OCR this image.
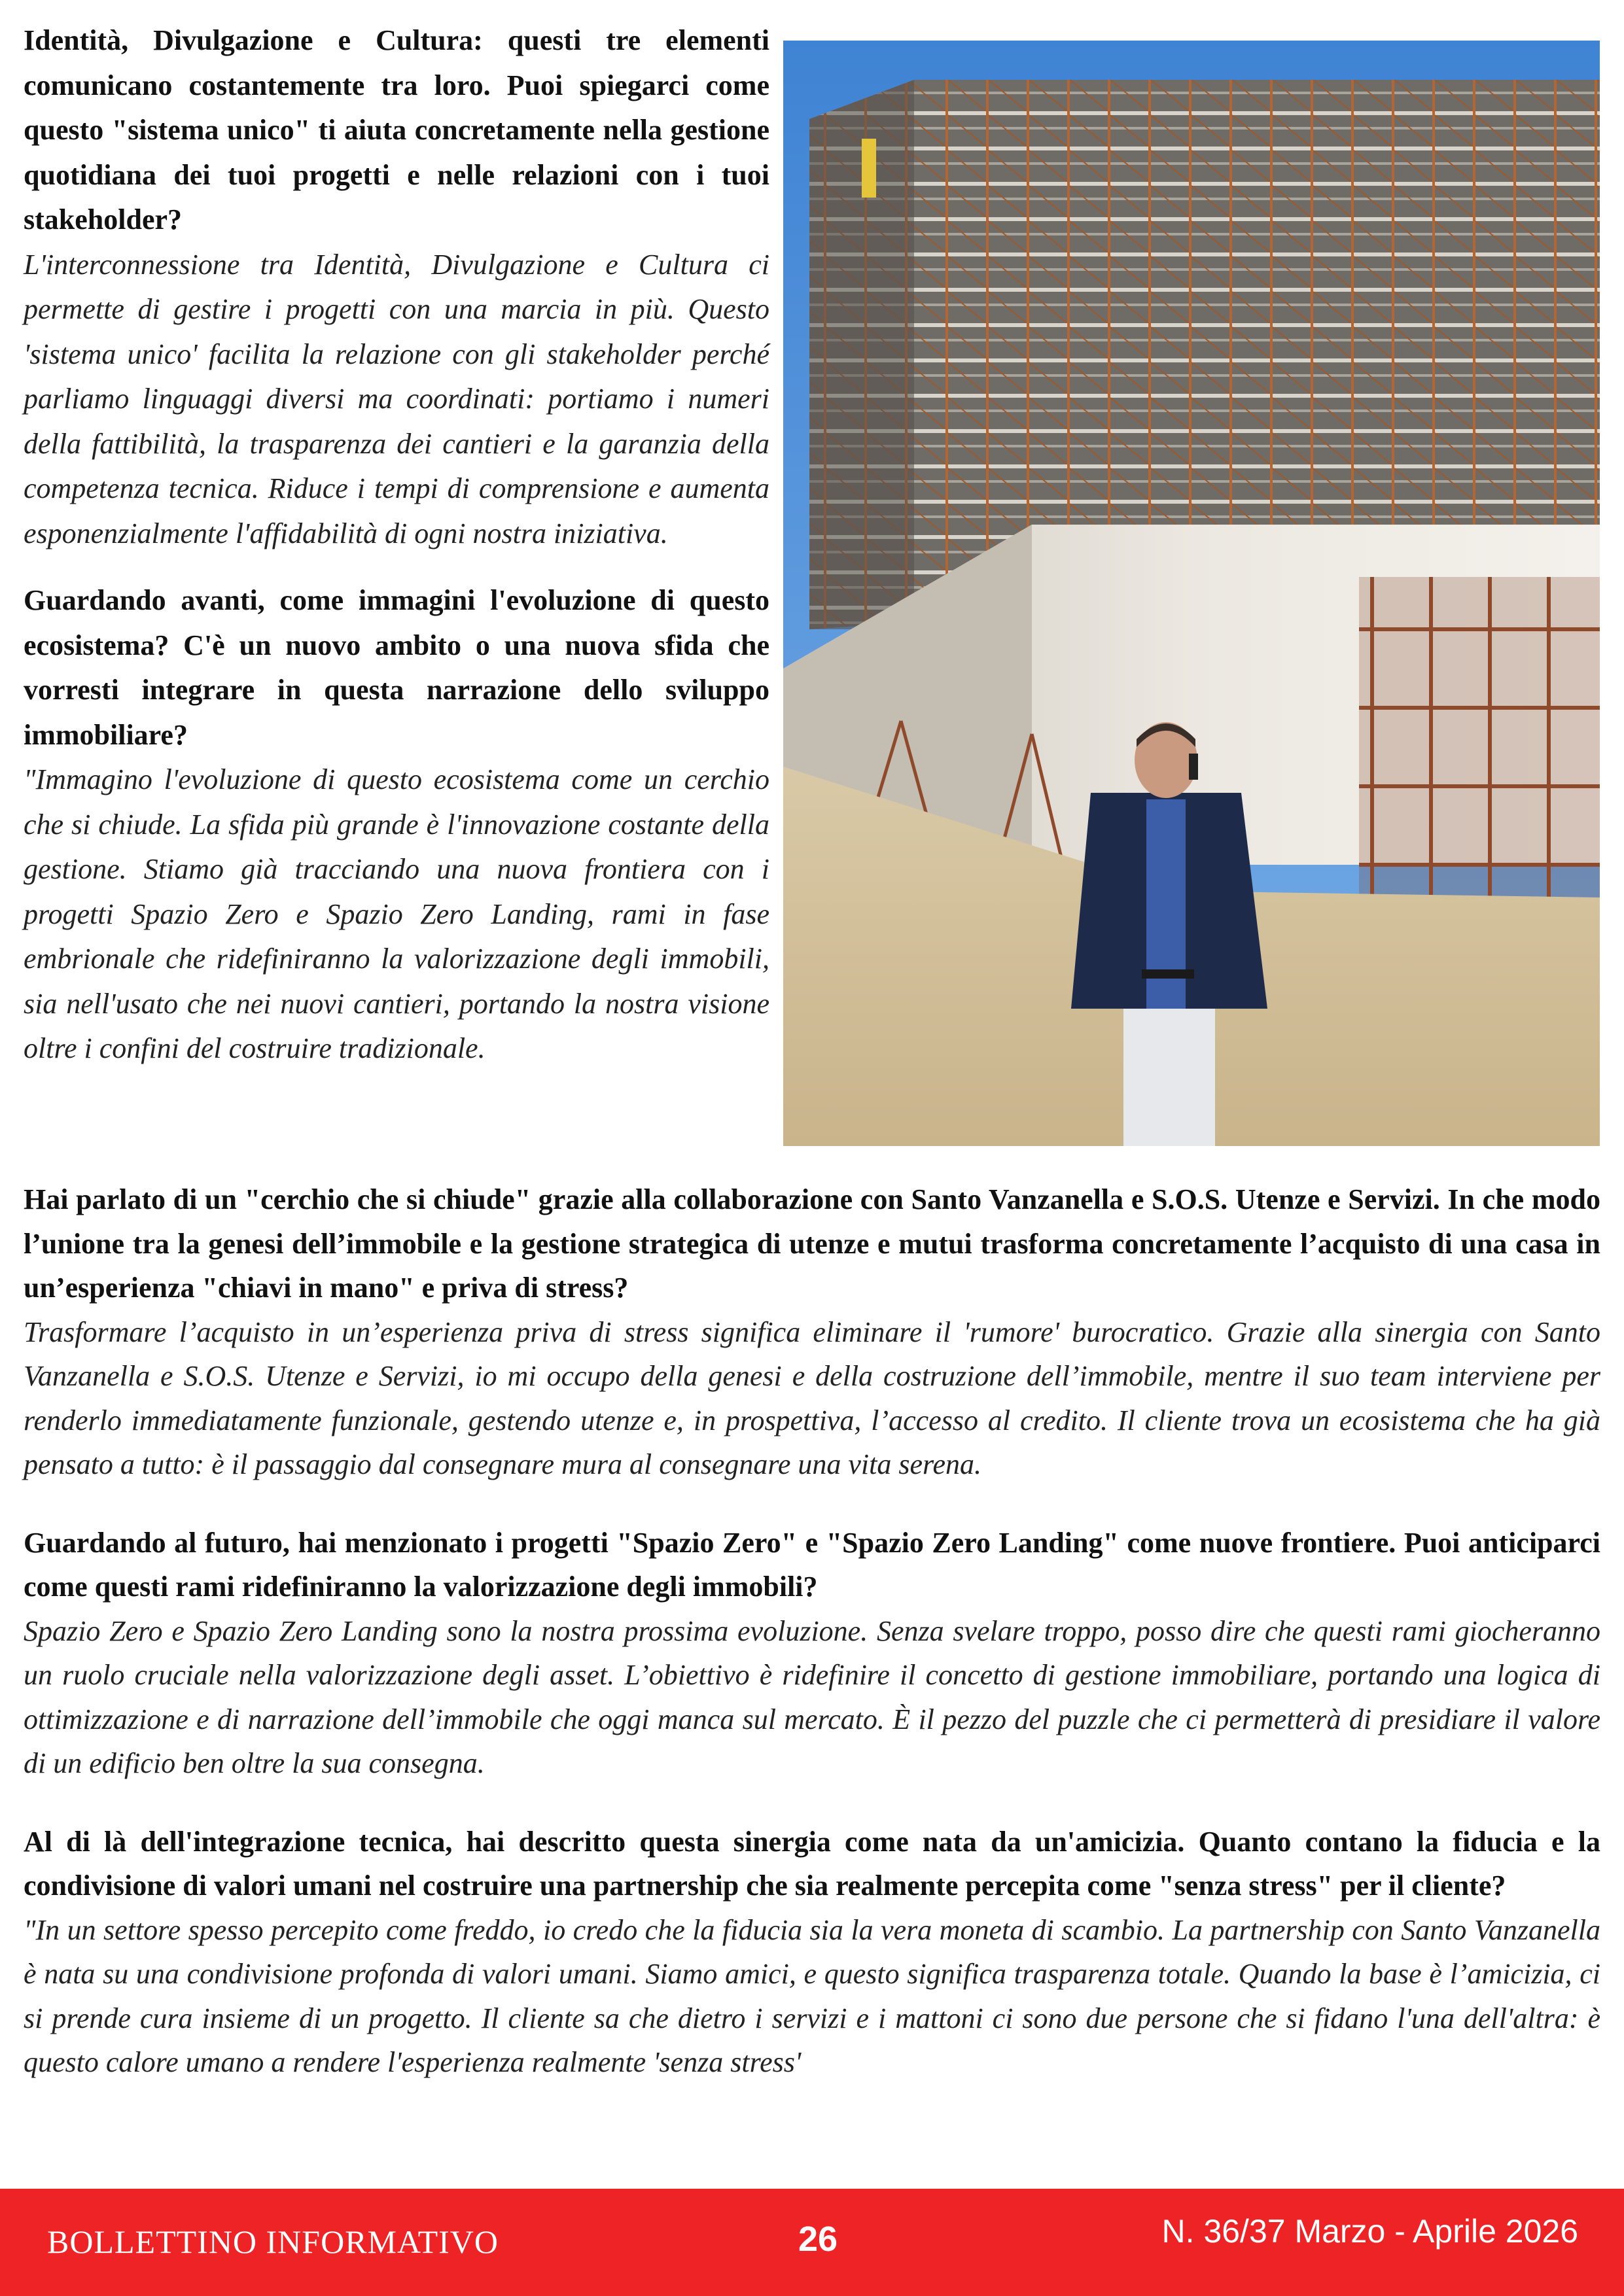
Identità, Divulgazione e Cultura: questi tre elementi comunicano costantemente tra loro. Puoi spiegarci come questo "sistema unico" ti aiuta concretamente nella gestione quotidiana dei tuoi progetti e nelle relazioni con i tuoi stakeholder?

L'interconnessione tra Identità, Divulgazione e Cultura ci permette di gestire i progetti con una marcia in più. Questo 'sistema unico' facilita la relazione con gli stakeholder perché parliamo linguaggi diversi ma coordinati: portiamo i numeri della fattibilità, la trasparenza dei cantieri e la garanzia della competenza tecnica. Riduce i tempi di comprensione e aumenta esponenzialmente l'affidabilità di ogni nostra iniziativa.

Guardando avanti, come immagini l'evoluzione di questo ecosistema? C'è un nuovo ambito o una nuova sfida che vorresti integrare in questa narrazione dello sviluppo immobiliare?

"Immagino l'evoluzione di questo ecosistema come un cerchio che si chiude. La sfida più grande è l'innovazione costante della gestione. Stiamo già tracciando una nuova frontiera con i progetti Spazio Zero e Spazio Zero Landing, rami in fase embrionale che ridefiniranno la valorizzazione degli immobili, sia nell'usato che nei nuovi cantieri, portando la nostra visione oltre i confini del costruire tradizionale.

Hai parlato di un "cerchio che si chiude" grazie alla collaborazione con Santo Vanzanella e S.O.S. Utenze e Servizi. In che modo l’unione tra la genesi dell’immobile e la gestione strategica di utenze e mutui trasforma concretamente l’acquisto di una casa in un’esperienza "chiavi in mano" e priva di stress?

Trasformare l’acquisto in un’esperienza priva di stress significa eliminare il 'rumore' burocratico. Grazie alla sinergia con Santo Vanzanella e S.O.S. Utenze e Servizi, io mi occupo della genesi e della costruzione dell’immobile, mentre il suo team interviene per renderlo immediatamente funzionale, gestendo utenze e, in prospettiva, l’accesso al credito. Il cliente trova un ecosistema che ha già pensato a tutto: è il passaggio dal consegnare mura al consegnare una vita serena.

Guardando al futuro, hai menzionato i progetti "Spazio Zero" e "Spazio Zero Landing" come nuove frontiere. Puoi anticiparci come questi rami ridefiniranno la valorizzazione degli immobili?

Spazio Zero e Spazio Zero Landing sono la nostra prossima evoluzione. Senza svelare troppo, posso dire che questi rami giocheranno un ruolo cruciale nella valorizzazione degli asset. L’obiettivo è ridefinire il concetto di gestione immobiliare, portando una logica di ottimizzazione e di narrazione dell’immobile che oggi manca sul mercato. È il pezzo del puzzle che ci permetterà di presidiare il valore di un edificio ben oltre la sua consegna.

Al di là dell'integrazione tecnica, hai descritto questa sinergia come nata da un'amicizia. Quanto contano la fiducia e la condivisione di valori umani nel costruire una partnership che sia realmente percepita come "senza stress" per il cliente?

"In un settore spesso percepito come freddo, io credo che la fiducia sia la vera moneta di scambio. La partnership con Santo Vanzanella è nata su una condivisione profonda di valori umani. Siamo amici, e questo significa trasparenza totale. Quando la base è l’amicizia, ci si prende cura insieme di un progetto. Il cliente sa che dietro i servizi e i mattoni ci sono due persone che si fidano l'una dell'altra: è questo calore umano a rendere l'esperienza realmente 'senza stress'

BOLLETTINO INFORMATIVO	26	N. 36/37 Marzo - Aprile 2026
